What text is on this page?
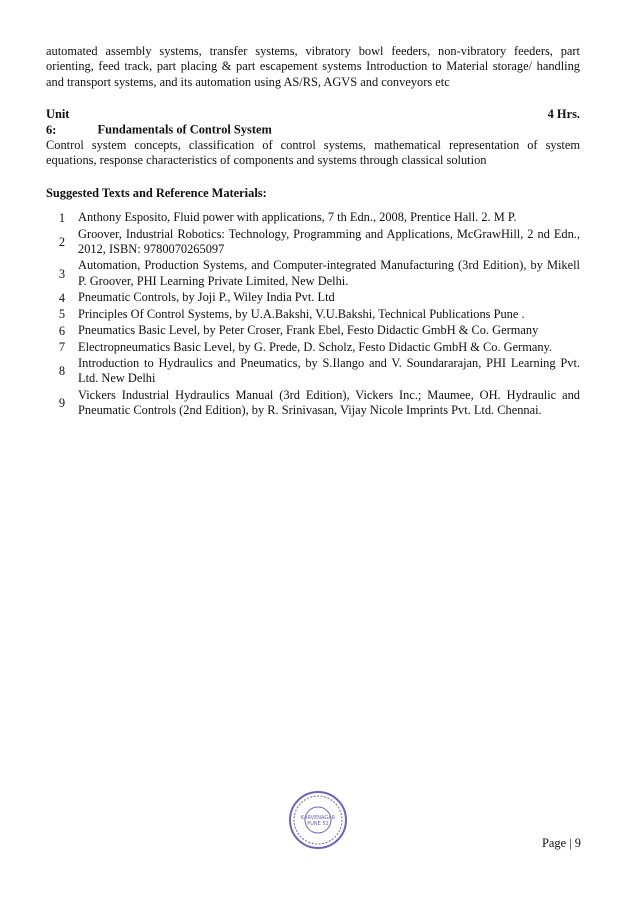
automated assembly systems, transfer systems, vibratory bowl feeders, non-vibratory feeders, part orienting, feed track, part placing & part escapement systems Introduction to Material storage/ handling and transport systems, and its automation using AS/RS, AGVS and conveyors etc

Unit 6:	Fundamentals of Control System
4 Hrs.

Control system concepts, classification of control systems, mathematical representation of system equations, response characteristics of components and systems through classical solution

Suggested Texts and Reference Materials:
1	Anthony Esposito, Fluid power with applications, 7 th Edn., 2008, Prentice Hall. 2. M P.
2	Groover, Industrial Robotics: Technology, Programming and Applications, McGrawHill, 2 nd Edn., 2012, ISBN: 9780070265097
3	Automation, Production Systems, and Computer-integrated Manufacturing (3rd Edition), by Mikell P. Groover, PHI Learning Private Limited, New Delhi.
4	Pneumatic Controls, by Joji P., Wiley India Pvt. Ltd
5	Principles Of Control Systems, by U.A.Bakshi, V.U.Bakshi, Technical Publications Pune .
6	Pneumatics Basic Level, by Peter Croser, Frank Ebel, Festo Didactic GmbH & Co. Germany
7	Electropneumatics Basic Level, by G. Prede, D. Scholz, Festo Didactic GmbH & Co. Germany.
8	Introduction to Hydraulics and Pneumatics, by S.Ilango and V. Soundararajan, PHI Learning Pvt. Ltd. New Delhi
9	Vickers Industrial Hydraulics Manual (3rd Edition), Vickers Inc.; Maumee, OH. Hydraulic and Pneumatic Controls (2nd Edition), by R. Srinivasan, Vijay Nicole Imprints Pvt. Ltd. Chennai.
KARVENAGAR
PUNE 52
Page | 9
